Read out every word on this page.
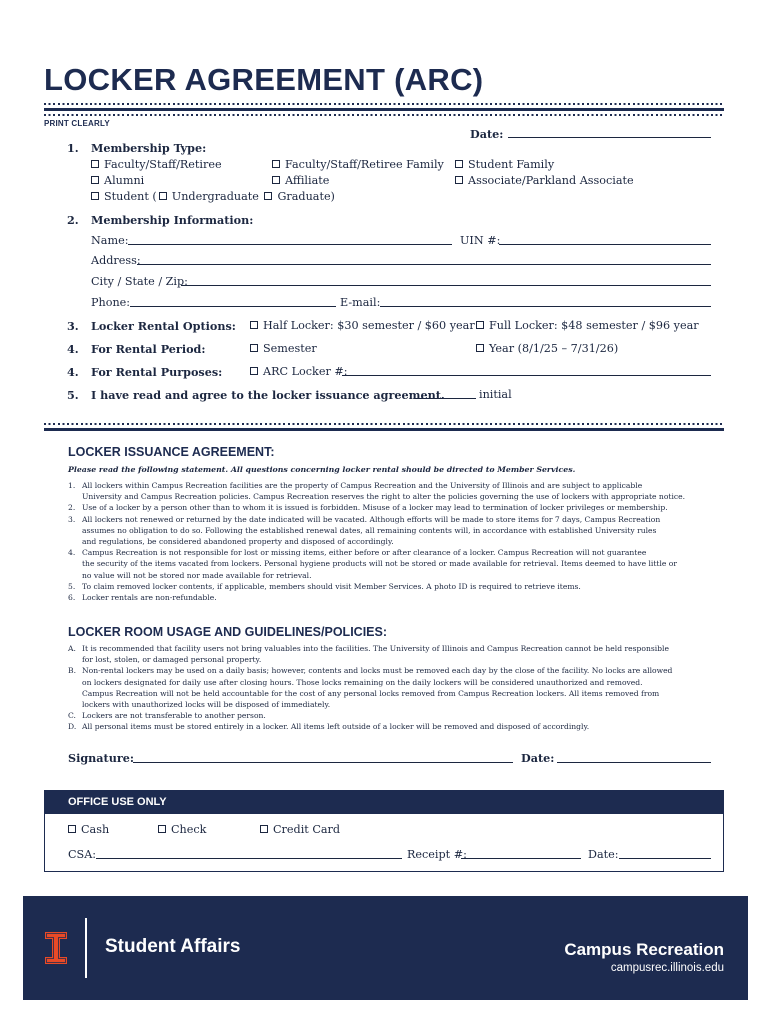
LOCKER AGREEMENT (ARC)
PRINT CLEARLY
Date:
1. Membership Type:
Faculty/Staff/Retiree	Faculty/Staff/Retiree Family	Student Family
Alumni	Affiliate	Associate/Parkland Associate
Student ( Undergraduate Graduate)
2. Membership Information:
Name:	UIN #:
Address:
City / State / Zip:
Phone:	E-mail:
3. Locker Rental Options:	Half Locker: $30 semester / $60 year	Full Locker: $48 semester / $96 year
4. For Rental Period:	Semester	Year (8/1/25 – 7/31/26)
4. For Rental Purposes:	ARC Locker #:
5. I have read and agree to the locker issuance agreement.	initial
LOCKER ISSUANCE AGREEMENT:
Please read the following statement. All questions concerning locker rental should be directed to Member Services.
1. All lockers within Campus Recreation facilities are the property of Campus Recreation and the University of Illinois and are subject to applicable
University and Campus Recreation policies. Campus Recreation reserves the right to alter the policies governing the use of lockers with appropriate notice.
2. Use of a locker by a person other than to whom it is issued is forbidden. Misuse of a locker may lead to termination of locker privileges or membership.
3. All lockers not renewed or returned by the date indicated will be vacated. Although efforts will be made to store items for 7 days, Campus Recreation
assumes no obligation to do so. Following the established renewal dates, all remaining contents will, in accordance with established University rules
and regulations, be considered abandoned property and disposed of accordingly.
4. Campus Recreation is not responsible for lost or missing items, either before or after clearance of a locker. Campus Recreation will not guarantee
the security of the items vacated from lockers. Personal hygiene products will not be stored or made available for retrieval. Items deemed to have little or
no value will not be stored nor made available for retrieval.
5. To claim removed locker contents, if applicable, members should visit Member Services. A photo ID is required to retrieve items.
6. Locker rentals are non-refundable.
LOCKER ROOM USAGE AND GUIDELINES/POLICIES:
A. It is recommended that facility users not bring valuables into the facilities. The University of Illinois and Campus Recreation cannot be held responsible
for lost, stolen, or damaged personal property.
B. Non-rental lockers may be used on a daily basis; however, contents and locks must be removed each day by the close of the facility. No locks are allowed
on lockers designated for daily use after closing hours. Those locks remaining on the daily lockers will be considered unauthorized and removed.
Campus Recreation will not be held accountable for the cost of any personal locks removed from Campus Recreation lockers. All items removed from
lockers with unauthorized locks will be disposed of immediately.
C. Lockers are not transferable to another person.
D. All personal items must be stored entirely in a locker. All items left outside of a locker will be removed and disposed of accordingly.
Signature:	Date:
OFFICE USE ONLY
Cash	Check	Credit Card
CSA:	Receipt #:	Date:
Student Affairs	Campus Recreation
campusrec.illinois.edu
